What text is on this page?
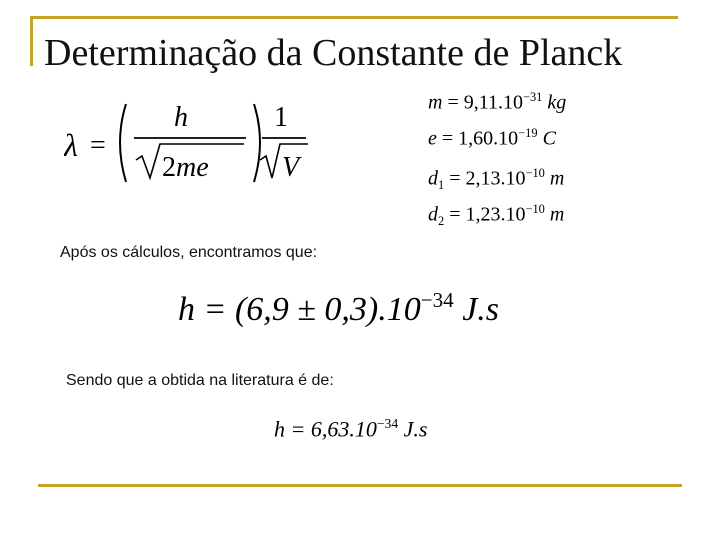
Determinação da Constante de Planck
λ =
h
2me
1
V
$m = 9,11.10^{-31}$ kg
$e = 1,60.10^{-19}$ C
$d_1 = 2,13.10^{-10}$ m
$d_2 = 1,23.10^{-10}$ m
Após os cálculos, encontramos que:
$h = (6,9 \pm 0,3).10^{-34}$ J.s
Sendo que a obtida na literatura é de:
$h = 6,63.10^{-34}$ J.s
